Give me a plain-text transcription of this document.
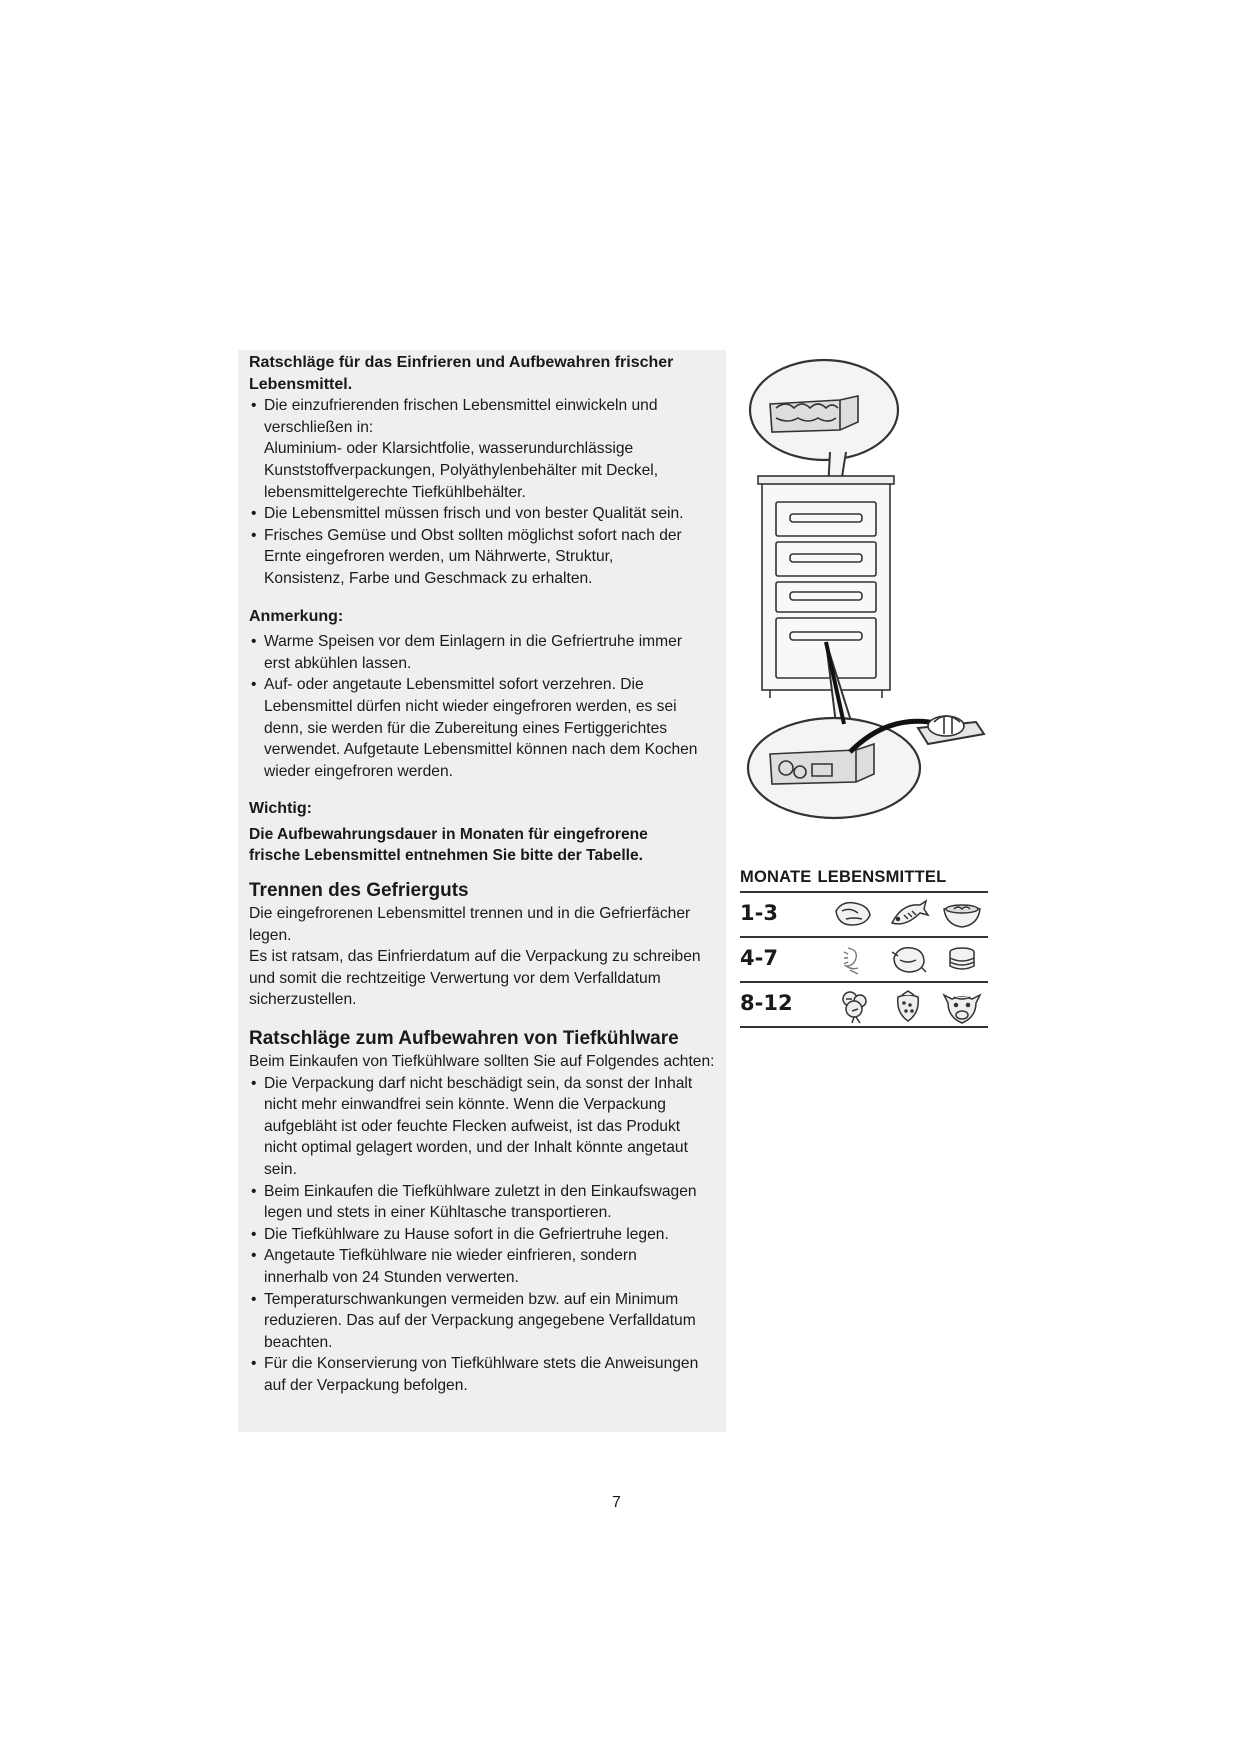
Ratschläge für das Einfrieren und Aufbewahren frischer Lebensmittel.

• Die einzufrierenden frischen Lebensmittel einwickeln und
verschließen in:
Aluminium- oder Klarsichtfolie, wasserundurchlässige
Kunststoffverpackungen, Polyäthylenbehälter mit Deckel,
lebensmittelgerechte Tiefkühlbehälter.
• Die Lebensmittel müssen frisch und von bester Qualität sein.
• Frisches Gemüse und Obst sollten möglichst sofort nach der
Ernte eingefroren werden, um Nährwerte, Struktur,
Konsistenz, Farbe und Geschmack zu erhalten.

Anmerkung:

• Warme Speisen vor dem Einlagern in die Gefriertruhe immer
erst abkühlen lassen.
• Auf- oder angetaute Lebensmittel sofort verzehren. Die
Lebensmittel dürfen nicht wieder eingefroren werden, es sei
denn, sie werden für die Zubereitung eines Fertiggerichtes
verwendet. Aufgetaute Lebensmittel können nach dem Kochen
wieder eingefroren werden.

Wichtig:

Die Aufbewahrungsdauer in Monaten für eingefrorene
frische Lebensmittel entnehmen Sie bitte der Tabelle.

Trennen des Gefrierguts

Die eingefrorenen Lebensmittel trennen und in die Gefrierfächer
legen.

Es ist ratsam, das Einfrierdatum auf die Verpackung zu schreiben
und somit die rechtzeitige Verwertung vor dem Verfalldatum
sicherzustellen.

Ratschläge zum Aufbewahren von Tiefkühlware

Beim Einkaufen von Tiefkühlware sollten Sie auf Folgendes achten:

• Die Verpackung darf nicht beschädigt sein, da sonst der Inhalt
nicht mehr einwandfrei sein könnte. Wenn die Verpackung
aufgebläht ist oder feuchte Flecken aufweist, ist das Produkt
nicht optimal gelagert worden, und der Inhalt könnte angetaut
sein.
• Beim Einkaufen die Tiefkühlware zuletzt in den Einkaufswagen
legen und stets in einer Kühltasche transportieren.
• Die Tiefkühlware zu Hause sofort in die Gefriertruhe legen.
• Angetaute Tiefkühlware nie wieder einfrieren, sondern
innerhalb von 24 Stunden verwerten.
• Temperaturschwankungen vermeiden bzw. auf ein Minimum
reduzieren. Das auf der Verpackung angegebene Verfalldatum
beachten.
• Für die Konservierung von Tiefkühlware stets die Anweisungen
auf der Verpackung befolgen.
MONATE LEBENSMITTEL
1-3
4-7
8-12
7
